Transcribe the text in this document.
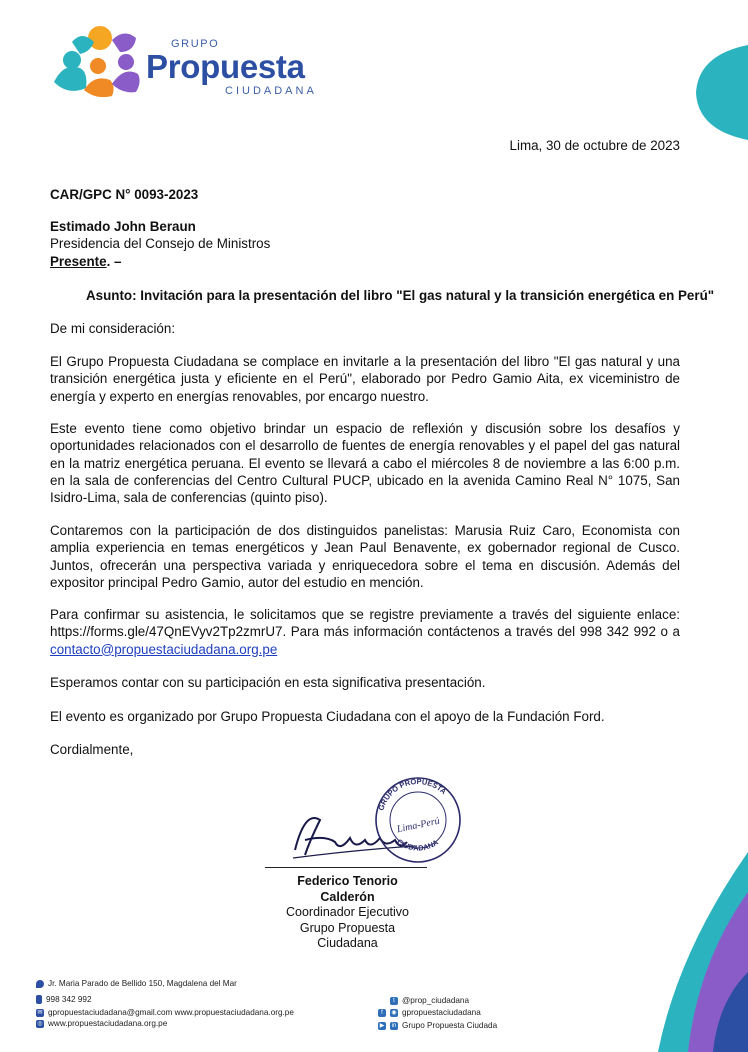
GRUPO
Propuesta
CIUDADANA
Lima, 30 de octubre de 2023
CAR/GPC N° 0093-2023
Estimado John Beraun
Presidencia del Consejo de Ministros
Presente. –
Asunto: Invitación para la presentación del libro "El gas natural y la transición energética en Perú"
De mi consideración:
El Grupo Propuesta Ciudadana se complace en invitarle a la presentación del libro "El gas natural y una transición energética justa y eficiente en el Perú", elaborado por Pedro Gamio Aita, ex viceministro de energía y experto en energías renovables, por encargo nuestro.
Este evento tiene como objetivo brindar un espacio de reflexión y discusión sobre los desafíos y oportunidades relacionados con el desarrollo de fuentes de energía renovables y el papel del gas natural en la matriz energética peruana. El evento se llevará a cabo el miércoles 8 de noviembre a las 6:00 p.m. en la sala de conferencias del Centro Cultural PUCP, ubicado en la avenida Camino Real N° 1075, San Isidro-Lima, sala de conferencias (quinto piso).
Contaremos con la participación de dos distinguidos panelistas: Marusia Ruiz Caro, Economista con amplia experiencia en temas energéticos y Jean Paul Benavente, ex gobernador regional de Cusco. Juntos, ofrecerán una perspectiva variada y enriquecedora sobre el tema en discusión. Además del expositor principal Pedro Gamio, autor del estudio en mención.
Para confirmar su asistencia, le solicitamos que se registre previamente a través del siguiente enlace: https://forms.gle/47QnEVyv2Tp2zmrU7. Para más información contáctenos a través del 998 342 992 o a contacto@propuestaciudadana.org.pe
Esperamos contar con su participación en esta significativa presentación.
El evento es organizado por Grupo Propuesta Ciudadana con el apoyo de la Fundación Ford.
Cordialmente,
GRUPO PROPUESTA
CIUDADANA
Lima-Perú
Federico Tenorio Calderón
Coordinador Ejecutivo
Grupo Propuesta Ciudadana
Jr. Maria Parado de Bellido 150, Magdalena del Mar
998 342 992
✉ gpropuestaciudadana@gmail.com www.propuestaciudadana.org.pe
◎ www.propuestaciudadana.org.pe
t @prop_ciudadana
f	◉ gpropuestaciudadana
▶ in Grupo Propuesta Ciudada
